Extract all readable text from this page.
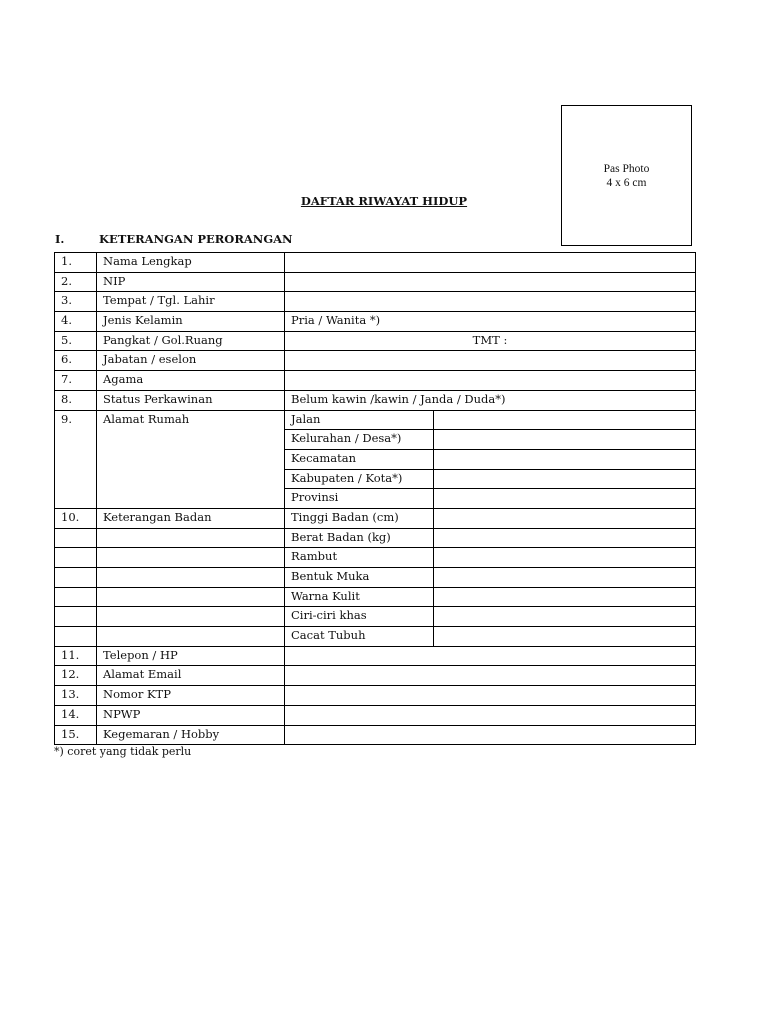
Pas Photo
4 x 6 cm
DAFTAR RIWAYAT HIDUP
I.	KETERANGAN PERORANGAN
1.	Nama Lengkap		
2.	NIP		
3.	Tempat / Tgl. Lahir		
4.	Jenis Kelamin	Pria / Wanita *)	
5.	Pangkat / Gol.Ruang	TMT :	
6.	Jabatan / eselon		
7.	Agama		
8.	Status Perkawinan	Belum kawin /kawin / Janda / Duda*)	
9.	Alamat Rumah	Jalan	
		Kelurahan / Desa*)	
		Kecamatan	
		Kabupaten / Kota*)	
		Provinsi	
10.	Keterangan Badan	Tinggi Badan (cm)	
		Berat Badan (kg)	
		Rambut	
		Bentuk Muka	
		Warna Kulit	
		Ciri-ciri khas	
		Cacat Tubuh	
11.	Telepon / HP		
12.	Alamat Email		
13.	Nomor KTP		
14.	NPWP		
15.	Kegemaran / Hobby		
*) coret yang tidak perlu
